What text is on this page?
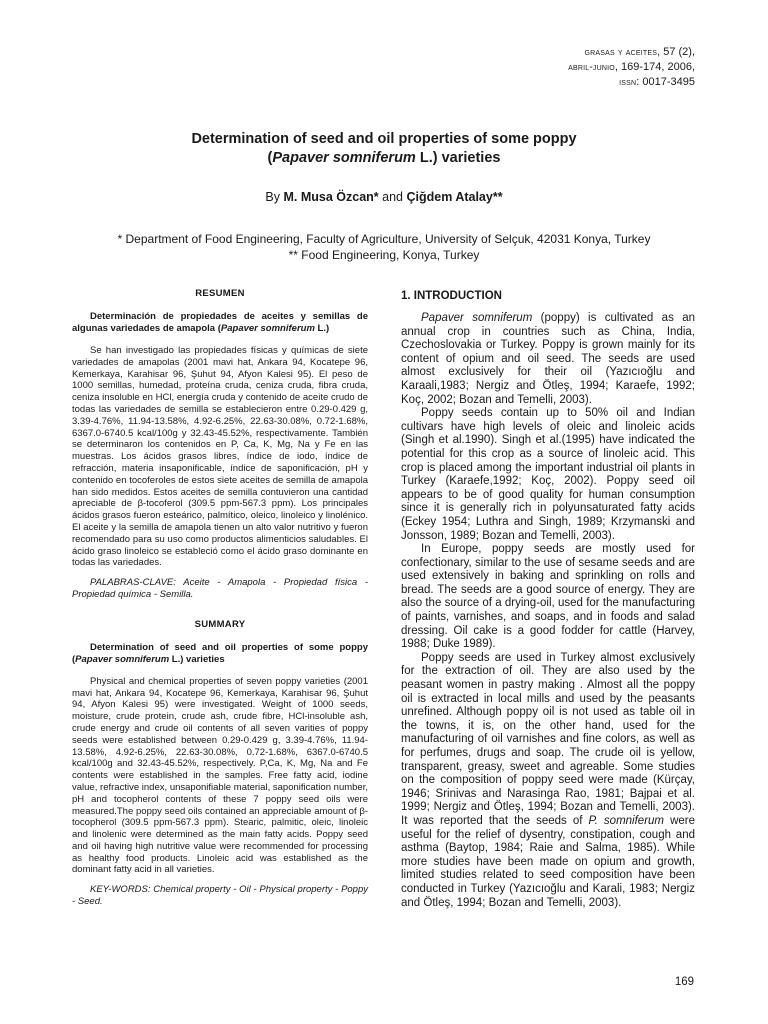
grasas y aceites, 57 (2),
abril-junio, 169-174, 2006,
issn: 0017-3495
Determination of seed and oil properties of some poppy
(Papaver somniferum L.) varieties
By M. Musa Özcan* and Çiğdem Atalay**
* Department of Food Engineering, Faculty of Agriculture, University of Selçuk, 42031 Konya, Turkey
** Food Engineering, Konya, Turkey
RESUMEN

Determinación de propiedades de aceites y semillas de algunas variedades de amapola (Papaver somniferum L.)

Se han investigado las propiedades físicas y químicas de siete variedades de amapolas (2001 mavi hat, Ankara 94, Kocatepe 96, Kemerkaya, Karahisar 96, Şuhut 94, Afyon Kalesi 95). El peso de 1000 semillas, humedad, proteína cruda, ceniza cruda, fibra cruda, ceniza insoluble en HCl, energía cruda y contenido de aceite crudo de todas las variedades de semilla se establecieron entre 0.29-0.429 g, 3.39-4.76%, 11.94-13.58%, 4.92-6.25%, 22.63-30.08%, 0.72-1.68%, 6367.0-6740.5 kcal/100g y 32.43-45.52%, respectivamente. También se determinaron los contenidos en P, Ca, K, Mg, Na y Fe en las muestras. Los ácidos grasos libres, índice de iodo, índice de refracción, materia insaponificable, índice de saponificación, pH y contenido en tocoferoles de estos siete aceites de semilla de amapola han sido medidos. Estos aceites de semilla contuvieron una cantidad apreciable de β-tocoferol (309.5 ppm-567.3 ppm). Los principales ácidos grasos fueron esteárico, palmítico, oleico, linoleico y linolénico. El aceite y la semilla de amapola tienen un alto valor nutritivo y fueron recomendado para su uso como productos alimenticios saludables. El ácido graso linoleico se estableció como el ácido graso dominante en todas las variedades.

PALABRAS-CLAVE: Aceite - Amapola - Propiedad física - Propiedad química - Semilla.

SUMMARY

Determination of seed and oil properties of some poppy (Papaver somniferum L.) varieties

Physical and chemical properties of seven poppy varieties (2001 mavi hat, Ankara 94, Kocatepe 96, Kemerkaya, Karahisar 96, Şuhut 94, Afyon Kalesi 95) were investigated. Weight of 1000 seeds, moisture, crude protein, crude ash, crude fibre, HCl-insoluble ash, crude energy and crude oil contents of all seven varities of poppy seeds were established between 0.29-0.429 g, 3.39-4.76%, 11.94-13.58%, 4.92-6.25%, 22.63-30.08%, 0.72-1.68%, 6367.0-6740.5 kcal/100g and 32.43-45.52%, respectively. P,Ca, K, Mg, Na and Fe contents were established in the samples. Free fatty acid, iodine value, refractive index, unsaponifiable material, saponification number, pH and tocopherol contents of these 7 poppy seed oils were measured.The poppy seed oils contained an appreciable amount of β-tocopherol (309.5 ppm-567.3 ppm). Stearic, palmitic, oleic, linoleic and linolenic were determined as the main fatty acids. Poppy seed and oil having high nutritive value were recommended for processing as healthy food products. Linoleic acid was established as the dominant fatty acid in all varieties.

KEY-WORDS: Chemical property - Oil - Physical property - Poppy - Seed.

1. INTRODUCTION

Papaver somniferum (poppy) is cultivated as an annual crop in countries such as China, India, Czechoslovakia or Turkey. Poppy is grown mainly for its content of opium and oil seed. The seeds are used almost exclusively for their oil (Yazıcıoğlu and Karaali,1983; Nergiz and Ötleş, 1994; Karaefe, 1992; Koç, 2002; Bozan and Temelli, 2003).

Poppy seeds contain up to 50% oil and Indian cultivars have high levels of oleic and linoleic acids (Singh et al.1990). Singh et al.(1995) have indicated the potential for this crop as a source of linoleic acid. This crop is placed among the important industrial oil plants in Turkey (Karaefe,1992; Koç, 2002). Poppy seed oil appears to be of good quality for human consumption since it is generally rich in polyunsaturated fatty acids (Eckey 1954; Luthra and Singh, 1989; Krzymanski and Jonsson, 1989; Bozan and Temelli, 2003).

In Europe, poppy seeds are mostly used for confectionary, similar to the use of sesame seeds and are used extensively in baking and sprinkling on rolls and bread. The seeds are a good source of energy. They are also the source of a drying-oil, used for the manufacturing of paints, varnishes, and soaps, and in foods and salad dressing. Oil cake is a good fodder for cattle (Harvey, 1988; Duke 1989).

Poppy seeds are used in Turkey almost exclusively for the extraction of oil. They are also used by the peasant women in pastry making . Almost all the poppy oil is extracted in local mills and used by the peasants unrefined. Although poppy oil is not used as table oil in the towns, it is, on the other hand, used for the manufacturing of oil varnishes and fine colors, as well as for perfumes, drugs and soap. The crude oil is yellow, transparent, greasy, sweet and agreable. Some studies on the composition of poppy seed were made (Kürçay, 1946; Srinivas and Narasinga Rao, 1981; Bajpai et al. 1999; Nergiz and Ötleş, 1994; Bozan and Temelli, 2003). It was reported that the seeds of P. somniferum were useful for the relief of dysentry, constipation, cough and asthma (Baytop, 1984; Raie and Salma, 1985). While more studies have been made on opium and growth, limited studies related to seed composition have been conducted in Turkey (Yazıcıoğlu and Karali, 1983; Nergiz and Ötleş, 1994; Bozan and Temelli, 2003).

169
